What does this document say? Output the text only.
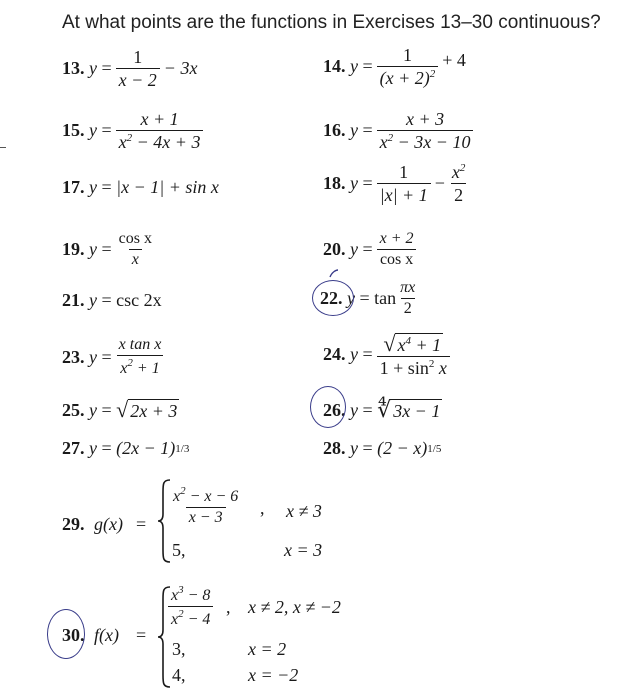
At what points are the functions in Exercises 13–30 continuous?
13.
y
= $\frac{1}{x - 2} - 3x$	14.
y
= $\frac{1}{(x + 2)^2} + 4$
15.
y
= $\frac{x + 1}{x^2 - 4x + 3}$	16.
y
= $\frac{x + 3}{x^2 - 3x - 10}$
17.
y
=
|x − 1| + sin x	18.
y
= $\frac{1}{|x| + 1} - \frac{x^2}{2}$
19.
y
= $\frac{\text{cos x}}{x}$	20.
y
= $\frac{x + 2}{\text{cos x}}$
21.
y
=
csc 2x	22.
y
=
$\tan \frac{\pi x}{2}$
23.
y
= $\frac{\text{x tan x}}{x^2 + 1}$	24.
y
= $\frac{√ x^4 + 1}{1 + \sin^2 x}$
25.
y
=
√ 2x + 3	26.
y
=
∜ 3x − 1
27.
y
=
(2x − 1) 1/3	28.
y
=
(2 − x) 1/5
29. $g(x) = \frac{x^2 - x - 6}{x - 3}$ , x ≠ 3
5,	x = 3
30. f(x) =
$\frac{x^3 - 8}{x^2 - 4}$ , x ≠ 2, x ≠ −2
3,	x = 2
4,	x = −2
